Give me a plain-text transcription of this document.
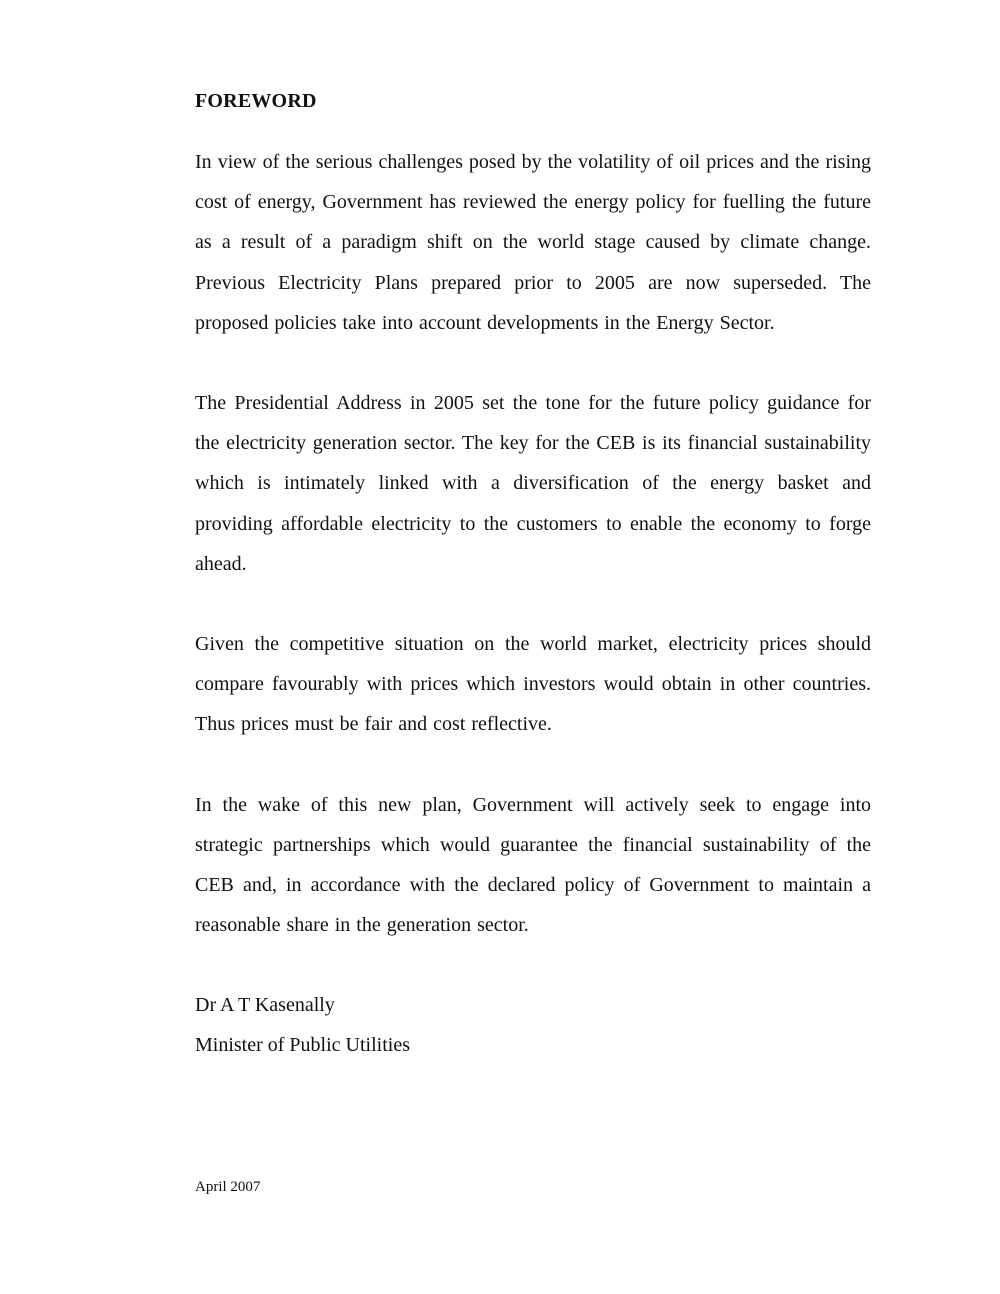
FOREWORD

In view of the serious challenges posed by the volatility of oil prices and the rising cost of energy, Government has reviewed the energy policy for fuelling the future as a result of a paradigm shift on the world stage caused by climate change. Previous Electricity Plans prepared prior to 2005 are now superseded. The proposed policies take into account developments in the Energy Sector.

The Presidential Address in 2005 set the tone for the future policy guidance for the electricity generation sector. The key for the CEB is its financial sustainability which is intimately linked with a diversification of the energy basket and providing affordable electricity to the customers to enable the economy to forge ahead.

Given the competitive situation on the world market, electricity prices should compare favourably with prices which investors would obtain in other countries. Thus prices must be fair and cost reflective.

In the wake of this new plan, Government will actively seek to engage into strategic partnerships which would guarantee the financial sustainability of the CEB and, in accordance with the declared policy of Government to maintain a reasonable share in the generation sector.

Dr A T Kasenally
Minister of Public Utilities
April 2007
